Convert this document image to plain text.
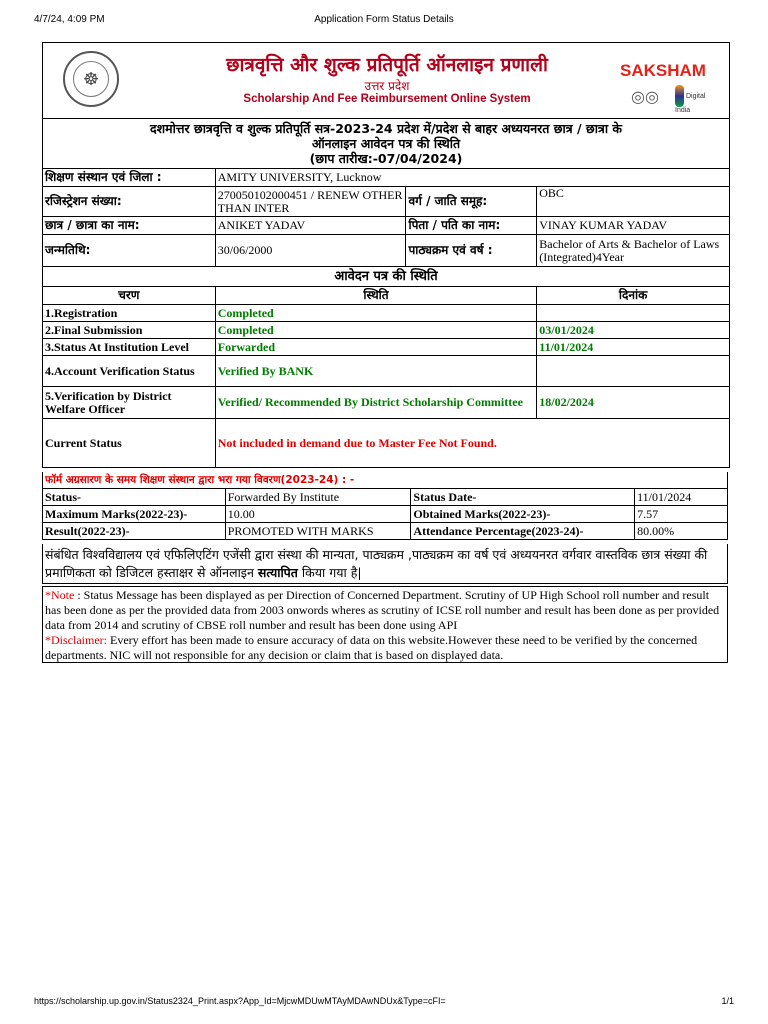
4/7/24, 4:09 PM	Application Form Status Details
☸
छात्रवृत्ति और शुल्क प्रतिपूर्ति ऑनलाइन प्रणाली
उत्तर प्रदेश
Scholarship And Fee Reimbursement Online System
SAKSHAM
◎◎	Digital India
दशमोत्तर छात्रवृत्ति व शुल्क प्रतिपूर्ति सत्र-2023-24 प्रदेश में/प्रदेश से बाहर अध्ययनरत छात्र / छात्रा के
ऑनलाइन आवेदन पत्र की स्थिति
(छाप तारीख:-07/04/2024)			

शिक्षण संस्थान एवं जिला :	AMITY UNIVERSITY, Lucknow		
रजिस्ट्रेशन संख्या:	270050102000451 / RENEW OTHER THAN INTER	वर्ग / जाति समूह:	OBC
छात्र / छात्रा का नाम:	ANIKET YADAV	पिता / पति का नाम:	VINAY KUMAR YADAV
जन्मतिथि:	30/06/2000	पाठ्यक्रम एवं वर्ष :	Bachelor of Arts & Bachelor of Laws (Integrated)4Year
आवेदन पत्र की स्थिति			
चरण	स्थिति		दिनांक
1.Registration	Completed		
2.Final Submission	Completed		03/01/2024
3.Status At Institution Level	Forwarded		11/01/2024
4.Account Verification Status	Verified By BANK		
5.Verification by District Welfare Officer	Verified/ Recommended By District Scholarship Committee		18/02/2024
Current Status	Not included in demand due to Master Fee Not Found.		
फॉर्म अग्रसारण के समय शिक्षण संस्थान द्वारा भरा गया विवरण(2023-24) : -			
Status-	Forwarded By Institute	Status Date-	11/01/2024
Maximum Marks(2022-23)-	10.00	Obtained Marks(2022-23)-	7.57
Result(2022-23)-	PROMOTED WITH MARKS	Attendance Percentage(2023-24)-	80.00%
संबंधित विश्वविद्यालय एवं एफिलिएटिंग एजेंसी द्वारा संस्था की मान्यता, पाठ्यक्रम ,पाठ्यक्रम का वर्ष एवं अध्ययनरत वर्गवार वास्तविक छात्र संख्या की प्रमाणिकता को डिजिटल हस्ताक्षर से ऑनलाइन सत्यापित किया गया है|
*Note : Status Message has been displayed as per Direction of Concerned Department. Scrutiny of UP High School roll number and result has been done as per the provided data from 2003 onwords wheres as scrutiny of ICSE roll number and result has been done as per provided data from 2014 and scrutiny of CBSE roll number and result has been done using API
*Disclaimer: Every effort has been made to ensure accuracy of data on this website.However these need to be verified by the concerned departments. NIC will not responsible for any decision or claim that is based on displayed data.
https://scholarship.up.gov.in/Status2324_Print.aspx?App_Id=MjcwMDUwMTAyMDAwNDUx&Type=cFI=	1/1
